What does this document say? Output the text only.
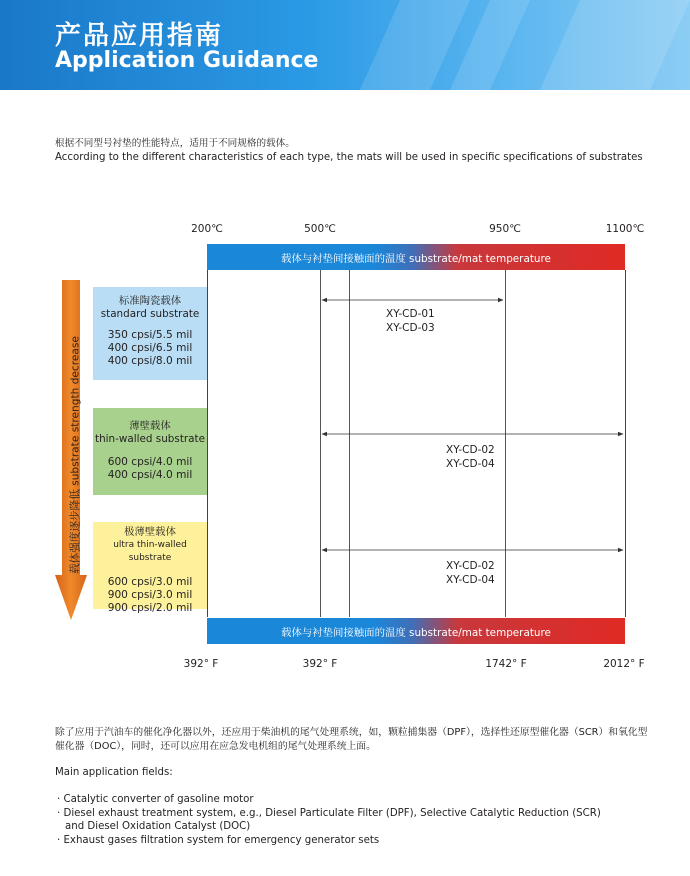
产品应用指南
Application Guidance
根据不同型号衬垫的性能特点，适用于不同规格的载体。
According to the different characteristics of each type, the mats will be used in specific specifications of substrates
200℃	500℃	950℃	1100℃
载体与衬垫间接触面的温度 substrate/mat temperature
载体与衬垫间接触面的温度 substrate/mat temperature
XY-CD-01
XY-CD-03
XY-CD-02
XY-CD-04
XY-CD-02
XY-CD-04
标准陶瓷载体
standard substrate
350 cpsi/5.5 mil
400 cpsi/6.5 mil
400 cpsi/8.0 mil
薄壁载体
thin-walled substrate
600 cpsi/4.0 mil
400 cpsi/4.0 mil
极薄壁载体
ultra thin-walled substrate
600 cpsi/3.0 mil
900 cpsi/3.0 mil
900 cpsi/2.0 mil
载体强度逐步降低 substrate strength decrease
392° F	392° F	1742° F	2012° F
除了应用于汽油车的催化净化器以外，还应用于柴油机的尾气处理系统，如，颗粒捕集器（DPF），选择性还原型催化器（SCR）和氧化型催化器（DOC），同时，还可以应用在应急发电机组的尾气处理系统上面。
Main application fields:
· Catalytic converter of gasoline motor
· Diesel exhaust treatment system, e.g., Diesel Particulate Filter (DPF), Selective Catalytic Reduction (SCR)
and Diesel Oxidation Catalyst (DOC)
· Exhaust gases filtration system for emergency generator sets
